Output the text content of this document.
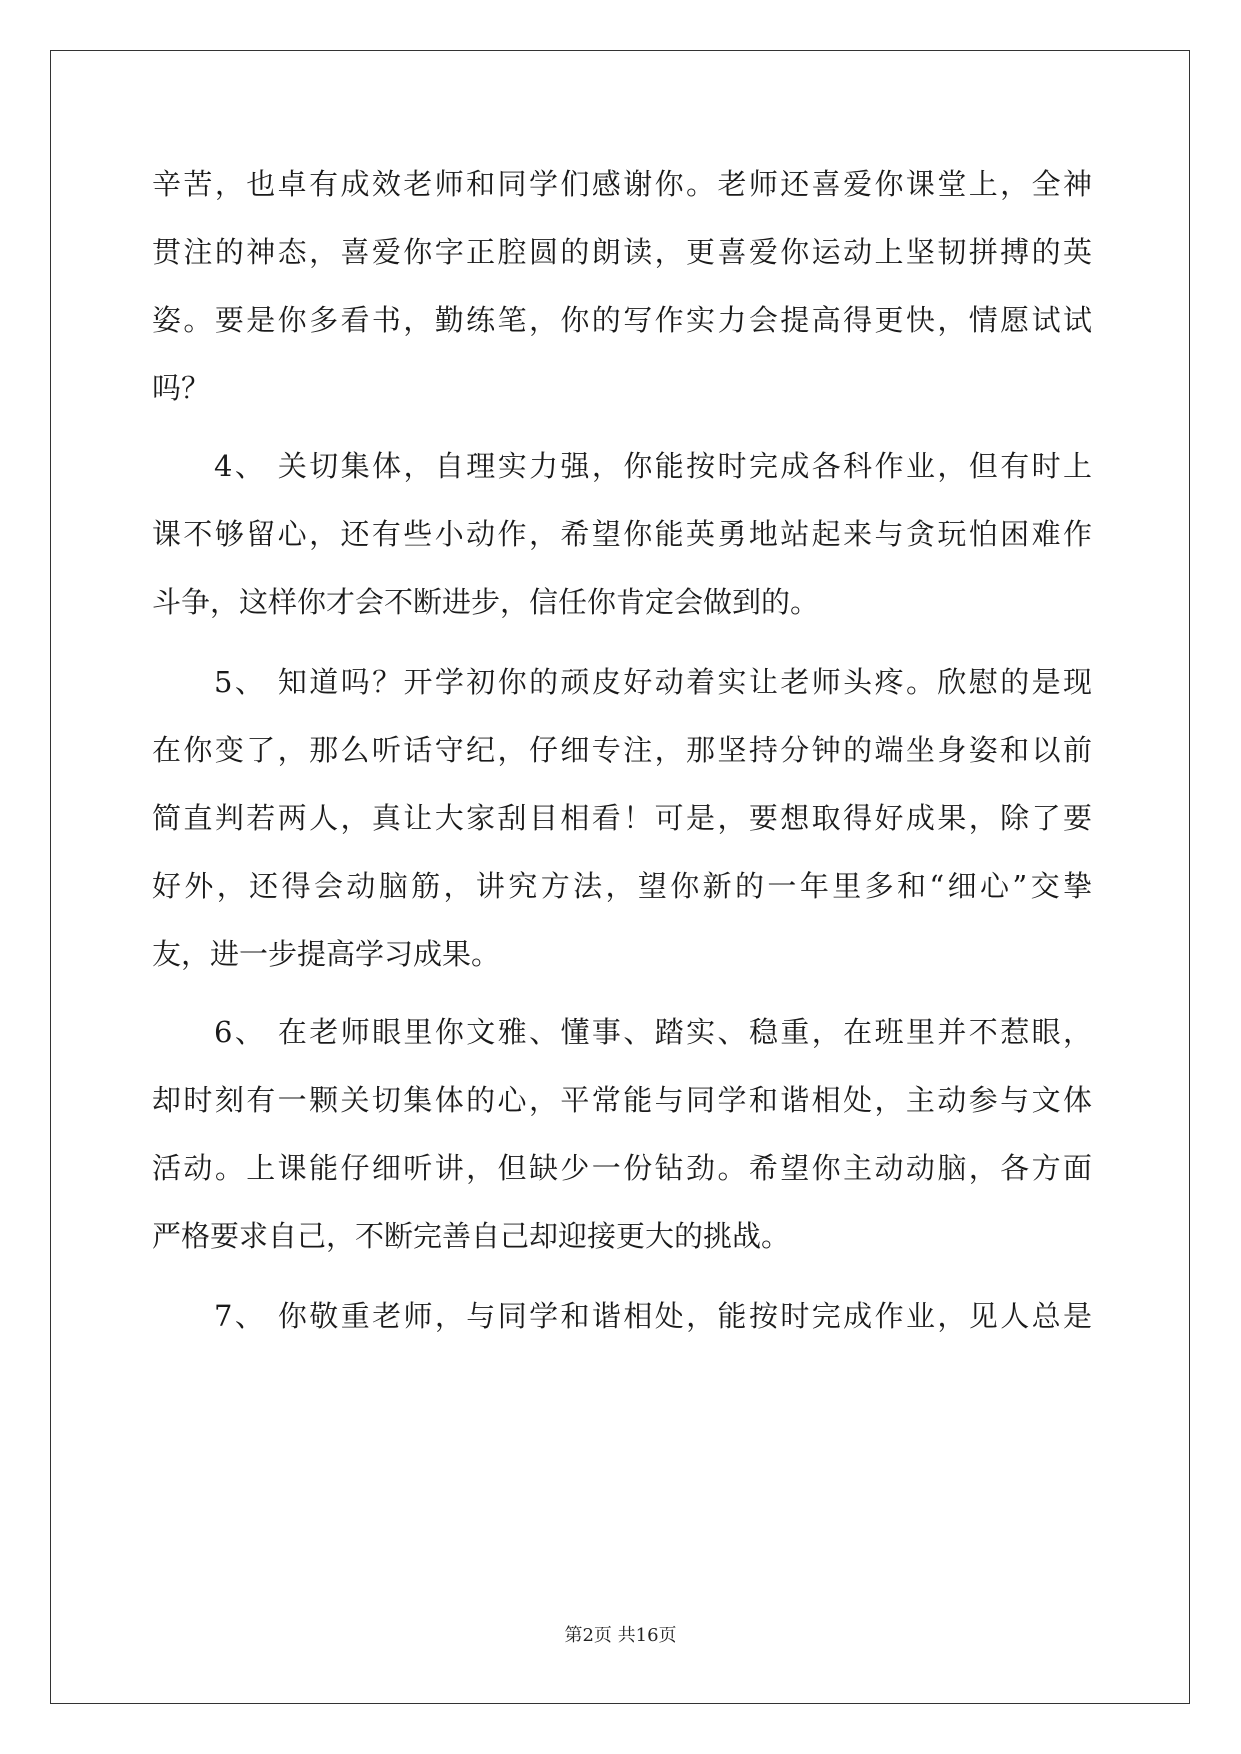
辛苦，也卓有成效老师和同学们感谢你。老师还喜爱你课堂上，全神
贯注的神态，喜爱你字正腔圆的朗读，更喜爱你运动上坚韧拼搏的英
姿。要是你多看书，勤练笔，你的写作实力会提高得更快，情愿试试
吗？
4、 关切集体，自理实力强，你能按时完成各科作业，但有时上
课不够留心，还有些小动作，希望你能英勇地站起来与贪玩怕困难作
斗争，这样你才会不断进步，信任你肯定会做到的。
5、 知道吗？开学初你的顽皮好动着实让老师头疼。欣慰的是现
在你变了，那么听话守纪，仔细专注，那坚持分钟的端坐身姿和以前
简直判若两人，真让大家刮目相看！可是，要想取得好成果，除了要
好外，还得会动脑筋，讲究方法，望你新的一年里多和“细心”交挚
友，进一步提高学习成果。
6、 在老师眼里你文雅、懂事、踏实、稳重，在班里并不惹眼，
却时刻有一颗关切集体的心，平常能与同学和谐相处，主动参与文体
活动。上课能仔细听讲，但缺少一份钻劲。希望你主动动脑，各方面
严格要求自己，不断完善自己却迎接更大的挑战。
7、 你敬重老师，与同学和谐相处，能按时完成作业，见人总是
第2页 共16页
